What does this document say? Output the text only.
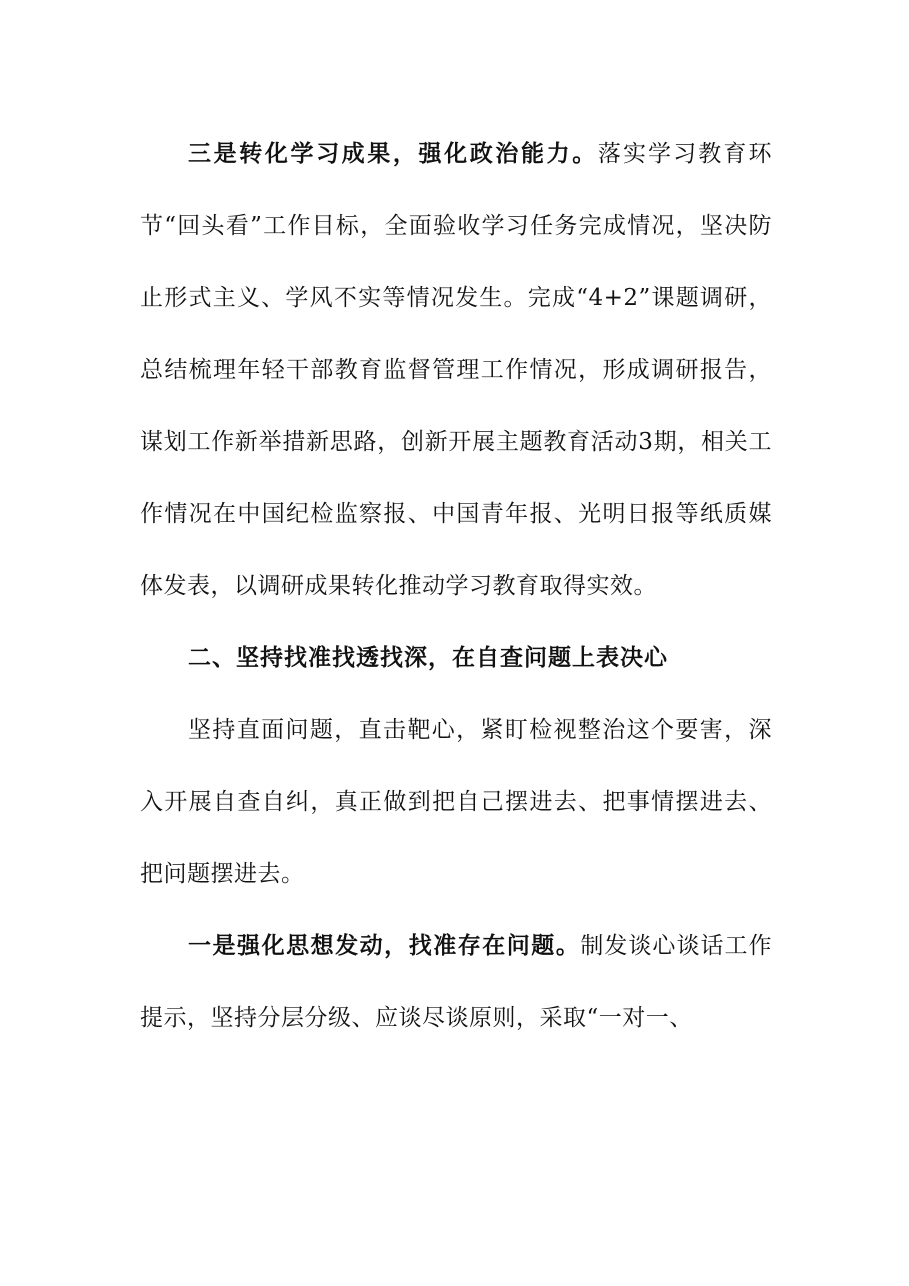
三是转化学习成果，强化政治能力。落实学习教育环节“回头看”工作目标，全面验收学习任务完成情况，坚决防止形式主义、学风不实等情况发生。完成“4+2”课题调研，总结梳理年轻干部教育监督管理工作情况，形成调研报告，谋划工作新举措新思路，创新开展主题教育活动3期，相关工作情况在中国纪检监察报、中国青年报、光明日报等纸质媒体发表，以调研成果转化推动学习教育取得实效。

二、坚持找准找透找深，在自查问题上表决心

坚持直面问题，直击靶心，紧盯检视整治这个要害，深入开展自查自纠，真正做到把自己摆进去、把事情摆进去、把问题摆进去。

一是强化思想发动，找准存在问题。制发谈心谈话工作提示，坚持分层分级、应谈尽谈原则，采取“一对一、
